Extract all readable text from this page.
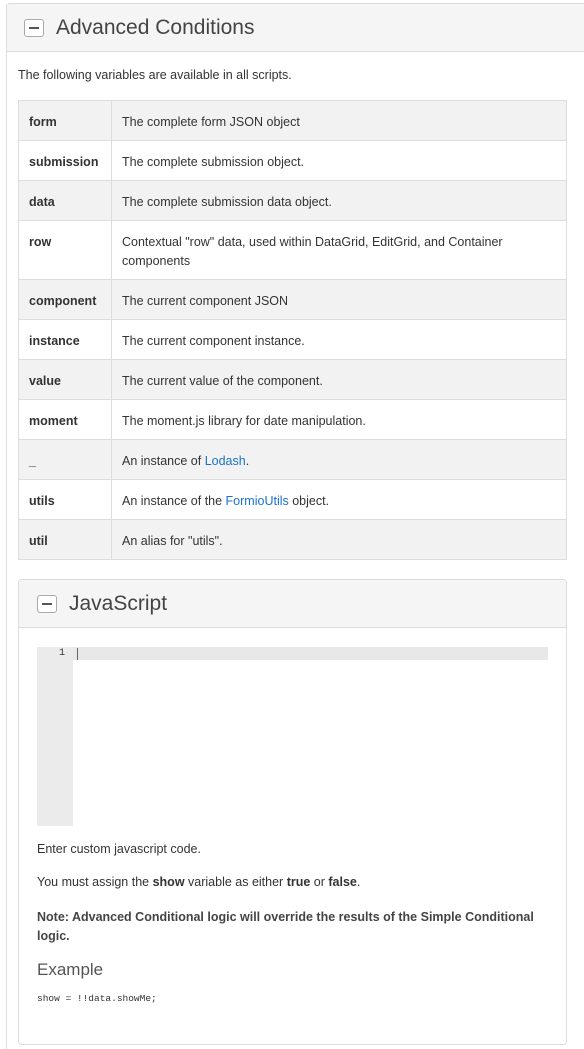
Advanced Conditions
The following variables are available in all scripts.
form	The complete form JSON object
submission	The complete submission object.
data	The complete submission data object.
row	Contextual "row" data, used within DataGrid, EditGrid, and Container components
component	The current component JSON
instance	The current component instance.
value	The current value of the component.
moment	The moment.js library for date manipulation.
_	An instance of Lodash.
utils	An instance of the FormioUtils object.
util	An alias for "utils".
JavaScript
1
Enter custom javascript code.
You must assign the show variable as either true or false.
Note: Advanced Conditional logic will override the results of the Simple Conditional logic.
Example
show = !!data.showMe;
